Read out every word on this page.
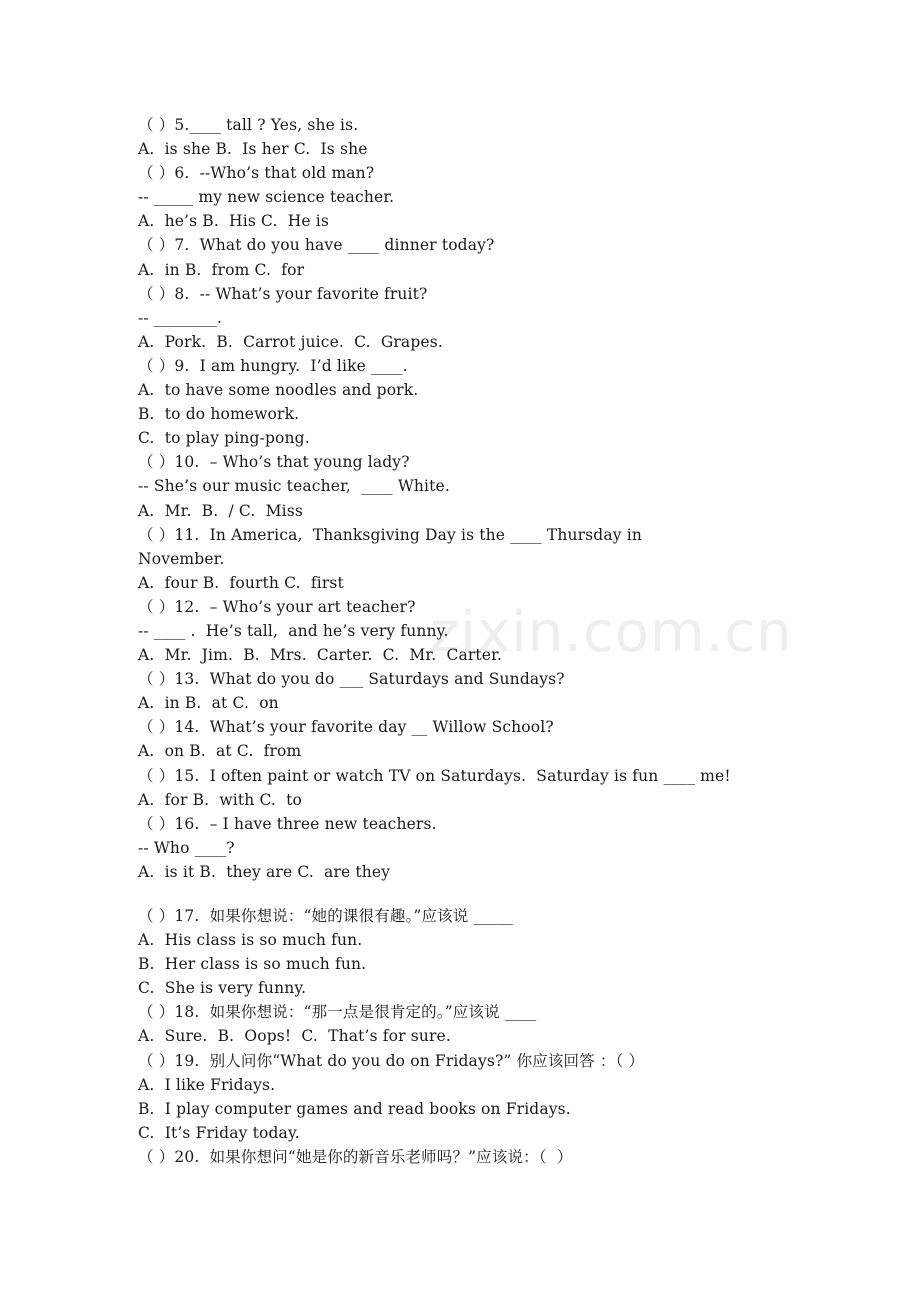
zixin.com.cn
（ ）5.____ tall ? Yes, she is.
A.  is she B.  Is her C.  Is she
（ ）6.  --Who’s that old man?
-- _____ my new science teacher.
A.  he’s B.  His C.  He is
（ ）7.  What do you have ____ dinner today?
A.  in B.  from C.  for
（ ）8.  -- What’s your favorite fruit?
-- ________.
A.  Pork.  B.  Carrot juice.  C.  Grapes.
（ ）9.  I am hungry.  I’d like ____.
A.  to have some noodles and pork.
B.  to do homework.
C.  to play ping-pong.
（ ）10.  – Who’s that young lady?
-- She’s our music teacher,  ____ White.
A.  Mr.  B.  / C.  Miss
（ ）11.  In America,  Thanksgiving Day is the ____ Thursday in
November.
A.  four B.  fourth C.  first
（ ）12.  – Who’s your art teacher?
-- ____ .  He’s tall,  and he’s very funny.
A.  Mr.  Jim.  B.  Mrs.  Carter.  C.  Mr.  Carter.
（ ）13.  What do you do ___ Saturdays and Sundays?
A.  in B.  at C.  on
（ ）14.  What’s your favorite day __ Willow School?
A.  on B.  at C.  from
（ ）15.  I often paint or watch TV on Saturdays.  Saturday is fun ____ me!
A.  for B.  with C.  to
（ ）16.  – I have three new teachers.
-- Who ____?
A.  is it B.  they are C.  are they
（ ）17.  如果你想说：“她的课很有趣。”应该说 _____
A.  His class is so much fun.
B.  Her class is so much fun.
C.  She is very funny.
（ ）18.  如果你想说：“那一点是很肯定的。”应该说 ____
A.  Sure.  B.  Oops!  C.  That’s for sure.
（ ）19.  别人问你“What do you do on Fridays?” 你应该回答 ：（ ）
A.  I like Fridays.
B.  I play computer games and read books on Fridays.
C.  It’s Friday today.
（ ）20.  如果你想问“她是你的新音乐老师吗？”应该说：（  ）
